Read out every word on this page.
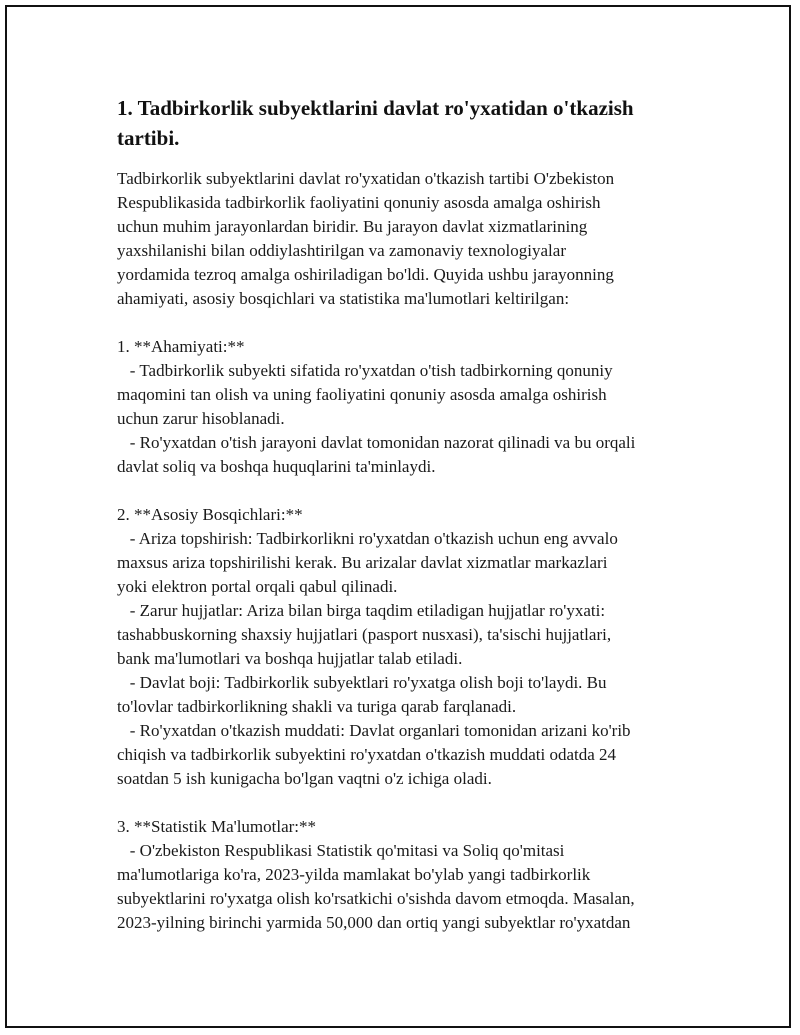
1. Tadbirkorlik subyektlarini davlat ro'yxatidan o'tkazish
tartibi.

Tadbirkorlik subyektlarini davlat ro'yxatidan o'tkazish tartibi O'zbekiston
Respublikasida tadbirkorlik faoliyatini qonuniy asosda amalga oshirish
uchun muhim jarayonlardan biridir. Bu jarayon davlat xizmatlarining
yaxshilanishi bilan oddiylashtirilgan va zamonaviy texnologiyalar
yordamida tezroq amalga oshiriladigan bo'ldi. Quyida ushbu jarayonning
ahamiyati, asosiy bosqichlari va statistika ma'lumotlari keltirilgan:

1. **Ahamiyati:**
- Tadbirkorlik subyekti sifatida ro'yxatdan o'tish tadbirkorning qonuniy
maqomini tan olish va uning faoliyatini qonuniy asosda amalga oshirish
uchun zarur hisoblanadi.
- Ro'yxatdan o'tish jarayoni davlat tomonidan nazorat qilinadi va bu orqali
davlat soliq va boshqa huquqlarini ta'minlaydi.

2. **Asosiy Bosqichlari:**
- Ariza topshirish: Tadbirkorlikni ro'yxatdan o'tkazish uchun eng avvalo
maxsus ariza topshirilishi kerak. Bu arizalar davlat xizmatlar markazlari
yoki elektron portal orqali qabul qilinadi.
- Zarur hujjatlar: Ariza bilan birga taqdim etiladigan hujjatlar ro'yxati:
tashabbuskorning shaxsiy hujjatlari (pasport nusxasi), ta'sischi hujjatlari,
bank ma'lumotlari va boshqa hujjatlar talab etiladi.
- Davlat boji: Tadbirkorlik subyektlari ro'yxatga olish boji to'laydi. Bu
to'lovlar tadbirkorlikning shakli va turiga qarab farqlanadi.
- Ro'yxatdan o'tkazish muddati: Davlat organlari tomonidan arizani ko'rib
chiqish va tadbirkorlik subyektini ro'yxatdan o'tkazish muddati odatda 24
soatdan 5 ish kunigacha bo'lgan vaqtni o'z ichiga oladi.

3. **Statistik Ma'lumotlar:**
- O'zbekiston Respublikasi Statistik qo'mitasi va Soliq qo'mitasi
ma'lumotlariga ko'ra, 2023-yilda mamlakat bo'ylab yangi tadbirkorlik
subyektlarini ro'yxatga olish ko'rsatkichi o'sishda davom etmoqda. Masalan,
2023-yilning birinchi yarmida 50,000 dan ortiq yangi subyektlar ro'yxatdan
